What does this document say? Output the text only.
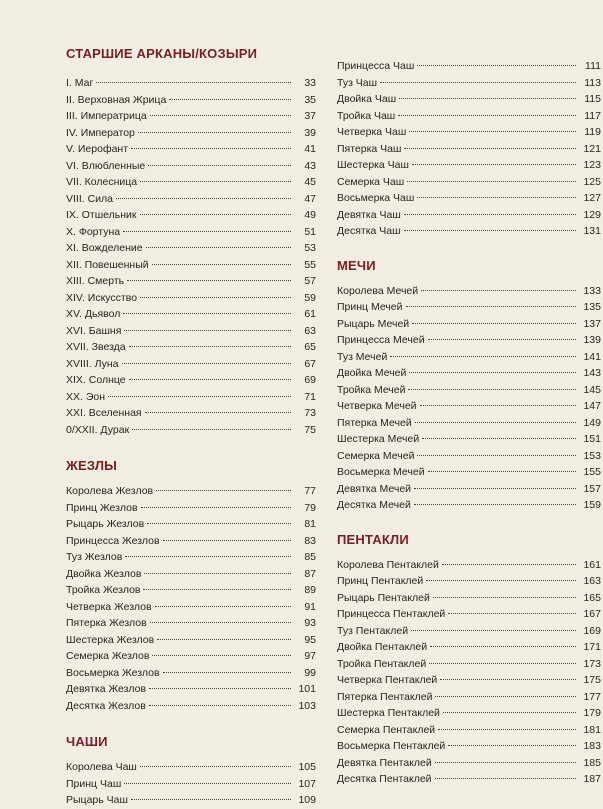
СТАРШИЕ АРКАНЫ/КОЗЫРИ
I. Маг	33
II. Верховная Жрица	35
III. Императрица	37
IV. Император	39
V. Иерофант	41
VI. Влюбленные	43
VII. Колесница	45
VIII. Сила	47
IX. Отшельник	49
X. Фортуна	51
XI. Вожделение	53
XII. Повешенный	55
XIII. Смерть	57
XIV. Искусство	59
XV. Дьявол	61
XVI. Башня	63
XVII. Звезда	65
XVIII. Луна	67
XIX. Солнце	69
XX. Эон	71
XXI. Вселенная	73
0/XXII. Дурак	75
ЖЕЗЛЫ
Королева Жезлов	77
Принц Жезлов	79
Рыцарь Жезлов	81
Принцесса Жезлов	83
Туз Жезлов	85
Двойка Жезлов	87
Тройка Жезлов	89
Четверка Жезлов	91
Пятерка Жезлов	93
Шестерка Жезлов	95
Семерка Жезлов	97
Восьмерка Жезлов	99
Девятка Жезлов	101
Десятка Жезлов	103
ЧАШИ
Королева Чаш	105
Принц Чаш	107
Рыцарь Чаш	109
Принцесса Чаш	111
Туз Чаш	113
Двойка Чаш	115
Тройка Чаш	117
Четверка Чаш	119
Пятерка Чаш	121
Шестерка Чаш	123
Семерка Чаш	125
Восьмерка Чаш	127
Девятка Чаш	129
Десятка Чаш	131
МЕЧИ
Королева Мечей	133
Принц Мечей	135
Рыцарь Мечей	137
Принцесса Мечей	139
Туз Мечей	141
Двойка Мечей	143
Тройка Мечей	145
Четверка Мечей	147
Пятерка Мечей	149
Шестерка Мечей	151
Семерка Мечей	153
Восьмерка Мечей	155
Девятка Мечей	157
Десятка Мечей	159
ПЕНТАКЛИ
Королева Пентаклей	161
Принц Пентаклей	163
Рыцарь Пентаклей	165
Принцесса Пентаклей	167
Туз Пентаклей	169
Двойка Пентаклей	171
Тройка Пентаклей	173
Четверка Пентаклей	175
Пятерка Пентаклей	177
Шестерка Пентаклей	179
Семерка Пентаклей	181
Восьмерка Пентаклей	183
Девятка Пентаклей	185
Десятка Пентаклей	187
